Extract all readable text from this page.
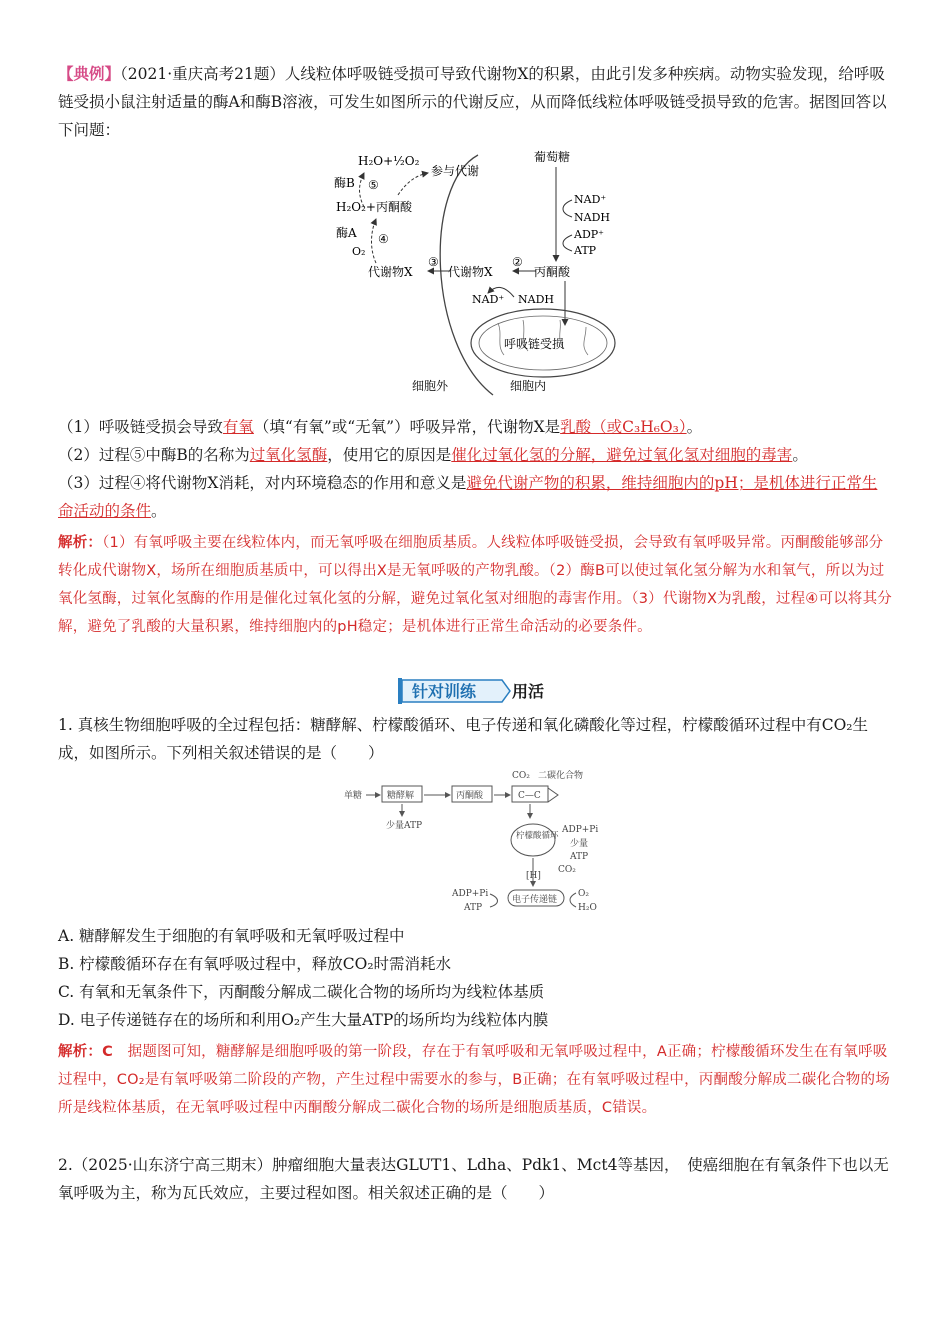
【典例】（2021·重庆高考21题）人线粒体呼吸链受损可导致代谢物X的积累，由此引发多种疾病。动物实验发现，给呼吸链受损小鼠注射适量的酶A和酶B溶液，可发生如图所示的代谢反应，从而降低线粒体呼吸链受损导致的危害。据图回答以下问题：

H₂O+½O₂
酶B ⑤
参与代谢
H₂O₂+丙酮酸
酶A ④
O₂
代谢物X
③
代谢物X
②
丙酮酸
葡萄糖
NAD⁺
NADH
ADP⁺
ATP
NAD⁺ NADH
呼吸链受损
细胞外	细胞内

（1）呼吸链受损会导致有氧（填“有氧”或“无氧”）呼吸异常，代谢物X是乳酸（或C₃H₆O₃）。

（2）过程⑤中酶B的名称为过氧化氢酶，使用它的原因是催化过氧化氢的分解，避免过氧化氢对细胞的毒害。

（3）过程④将代谢物X消耗，对内环境稳态的作用和意义是避免代谢产物的积累，维持细胞内的pH；是机体进行正常生命活动的条件。

解析：（1）有氧呼吸主要在线粒体内，而无氧呼吸在细胞质基质。人线粒体呼吸链受损，会导致有氧呼吸异常。丙酮酸能够部分转化成代谢物X，场所在细胞质基质中，可以得出X是无氧呼吸的产物乳酸。（2）酶B可以使过氧化氢分解为水和氧气，所以为过氧化氢酶，过氧化氢酶的作用是催化过氧化氢的分解，避免过氧化氢对细胞的毒害作用。（3）代谢物X为乳酸，过程④可以将其分解，避免了乳酸的大量积累，维持细胞内的pH稳定；是机体进行正常生命活动的必要条件。

针对训练 用活

1. 真核生物细胞呼吸的全过程包括：糖酵解、柠檬酸循环、电子传递和氧化磷酸化等过程，柠檬酸循环过程中有CO₂生成，如图所示。下列相关叙述错误的是（　　）

单糖	糖酵解	丙酮酸	C—C
CO₂ 二碳化合物
少量ATP
柠檬酸循环
ADP+Pi
少量
ATP
CO₂
[H]
电子传递链
ADP+Pi
ATP
O₂
H₂O

A. 糖酵解发生于细胞的有氧呼吸和无氧呼吸过程中

B. 柠檬酸循环存在有氧呼吸过程中，释放CO₂时需消耗水

C. 有氧和无氧条件下，丙酮酸分解成二碳化合物的场所均为线粒体基质

D. 电子传递链存在的场所和利用O₂产生大量ATP的场所均为线粒体内膜

解析：C　据题图可知，糖酵解是细胞呼吸的第一阶段，存在于有氧呼吸和无氧呼吸过程中，A正确；柠檬酸循环发生在有氧呼吸过程中，CO₂是有氧呼吸第二阶段的产物，产生过程中需要水的参与，B正确；在有氧呼吸过程中，丙酮酸分解成二碳化合物的场所是线粒体基质，在无氧呼吸过程中丙酮酸分解成二碳化合物的场所是细胞质基质，C错误。

2.（2025·山东济宁高三期末）肿瘤细胞大量表达GLUT1、Ldha、Pdk1、Mct4等基因，　使癌细胞在有氧条件下也以无氧呼吸为主，称为瓦氏效应，主要过程如图。相关叙述正确的是（　　）
